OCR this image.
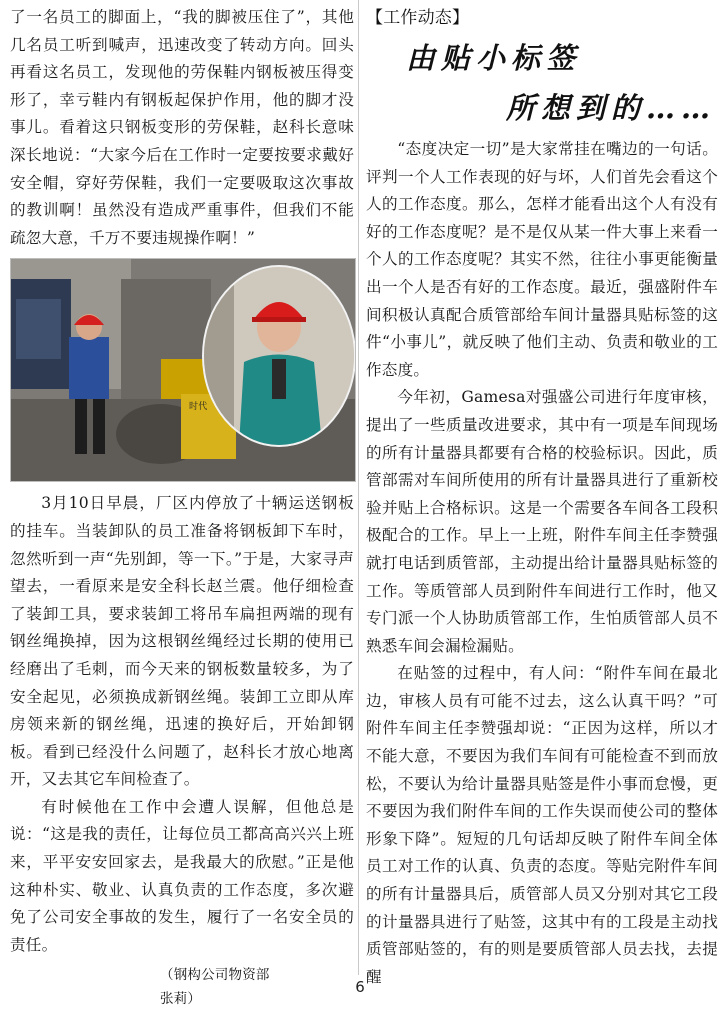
了一名员工的脚面上，“我的脚被压住了”，其他几名员工听到喊声，迅速改变了转动方向。回头再看这名员工，发现他的劳保鞋内钢板被压得变形了，幸亏鞋内有钢板起保护作用，他的脚才没事儿。看着这只钢板变形的劳保鞋，赵科长意味深长地说：“大家今后在工作时一定要按要求戴好安全帽，穿好劳保鞋，我们一定要吸取这次事故的教训啊！虽然没有造成严重事件，但我们不能疏忽大意，千万不要违规操作啊！”

时代

3月10日早晨，厂区内停放了十辆运送钢板的挂车。当装卸队的员工准备将钢板卸下车时，忽然听到一声“先别卸，等一下。”于是，大家寻声望去，一看原来是安全科长赵兰震。他仔细检查了装卸工具，要求装卸工将吊车扁担两端的现有钢丝绳换掉，因为这根钢丝绳经过长期的使用已经磨出了毛刺，而今天来的钢板数量较多，为了安全起见，必须换成新钢丝绳。装卸工立即从库房领来新的钢丝绳，迅速的换好后，开始卸钢板。看到已经没什么问题了，赵科长才放心地离开，又去其它车间检查了。

有时候他在工作中会遭人误解，但他总是说：“这是我的责任，让每位员工都高高兴兴上班来，平平安安回家去，是我最大的欣慰。”正是他这种朴实、敬业、认真负责的工作态度，多次避免了公司安全事故的发生，履行了一名安全员的责任。

（钢构公司物资部张莉）
【工作动态】
由贴小标签
所想到的……

“态度决定一切”是大家常挂在嘴边的一句话。评判一个人工作表现的好与坏，人们首先会看这个人的工作态度。那么，怎样才能看出这个人有没有好的工作态度呢？是不是仅从某一件大事上来看一个人的工作态度呢？其实不然，往往小事更能衡量出一个人是否有好的工作态度。最近，强盛附件车间积极认真配合质管部给车间计量器具贴标签的这件“小事儿”，就反映了他们主动、负责和敬业的工作态度。

今年初，Gamesa对强盛公司进行年度审核，提出了一些质量改进要求，其中有一项是车间现场的所有计量器具都要有合格的校验标识。因此，质管部需对车间所使用的所有计量器具进行了重新校验并贴上合格标识。这是一个需要各车间各工段积极配合的工作。早上一上班，附件车间主任李赞强就打电话到质管部，主动提出给计量器具贴标签的工作。等质管部人员到附件车间进行工作时，他又专门派一个人协助质管部工作，生怕质管部人员不熟悉车间会漏检漏贴。

在贴签的过程中，有人问：“附件车间在最北边，审核人员有可能不过去，这么认真干吗？”可附件车间主任李赞强却说：“正因为这样，所以才不能大意，不要因为我们车间有可能检查不到而放松，不要认为给计量器具贴签是件小事而怠慢，更不要因为我们附件车间的工作失误而使公司的整体形象下降”。短短的几句话却反映了附件车间全体员工对工作的认真、负责的态度。等贴完附件车间的所有计量器具后，质管部人员又分别对其它工段的计量器具进行了贴签，这其中有的工段是主动找质管部贴签的，有的则是要质管部人员去找，去提醒

6
